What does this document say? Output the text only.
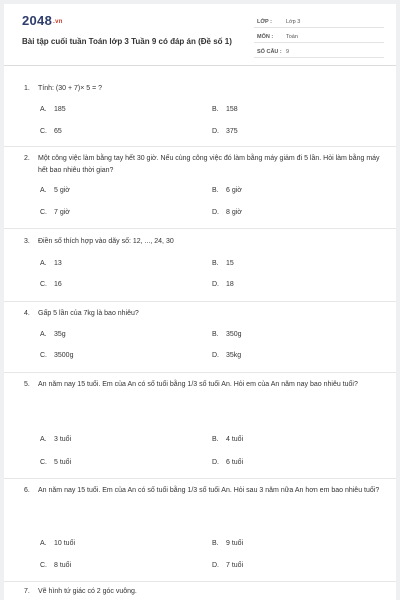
2048.vn
Bài tập cuối tuần Toán lớp 3 Tuần 9 có đáp án (Đề số 1)
LỚP :	Lớp 3
MÔN : Toán
SỐ CÂU : 9
1. Tính: (30 + 7)× 5 = ?
A. 185	B. 158
C. 65	D. 375
2. Một công việc làm bằng tay hết 30 giờ. Nếu cùng công việc đó làm bằng máy giảm đi 5 lần. Hỏi làm bằng máy hết bao nhiêu thời gian?
A. 5 giờ	B. 6 giờ
C. 7 giờ	D. 8 giờ
3. Điền số thích hợp vào dãy số: 12, ..., 24, 30
A. 13	B. 15
C. 16	D. 18
4. Gấp 5 lần của 7kg là bao nhiêu?
A. 35g	B. 350g
C. 3500g	D. 35kg
5. An năm nay 15 tuổi. Em của An có số tuổi bằng 1/3 số tuổi An. Hỏi em của An năm nay bao nhiêu tuổi?
A. 3 tuổi	B. 4 tuổi
C. 5 tuổi	D. 6 tuổi
6. An năm nay 15 tuổi. Em của An có số tuổi bằng 1/3 số tuổi An. Hỏi sau 3 năm nữa An hơn em bao nhiêu tuổi?
A. 10 tuổi	B. 9 tuổi
C. 8 tuổi	D. 7 tuổi
7. Vẽ hình tứ giác có 2 góc vuông.
